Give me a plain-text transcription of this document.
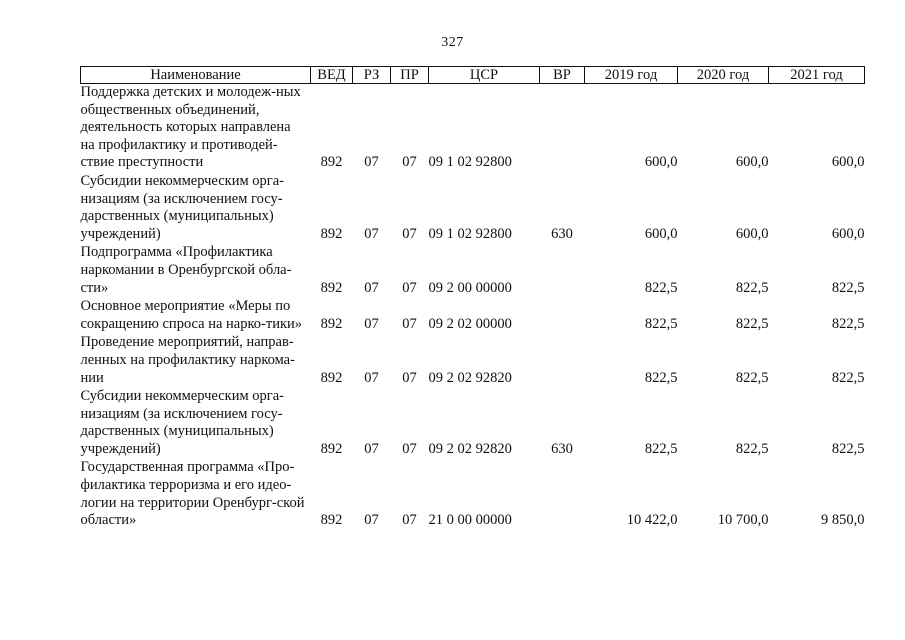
327
Наименование	ВЕД	РЗ	ПР	ЦСР	ВР	2019 год	2020 год	2021 год
Поддержка детских и молодеж-ных общественных объединений, деятельность которых направлена на профилактику и противодей-ствие преступности	892	07	07	09 1 02 92800		600,0	600,0	600,0
Субсидии некоммерческим орга-низациям (за исключением госу-дарственных (муниципальных) учреждений)	892	07	07	09 1 02 92800	630	600,0	600,0	600,0
Подпрограмма «Профилактика наркомании в Оренбургской обла-сти»	892	07	07	09 2 00 00000		822,5	822,5	822,5
Основное мероприятие «Меры по сокращению спроса на нарко-тики»	892	07	07	09 2 02 00000		822,5	822,5	822,5
Проведение мероприятий, направ-ленных на профилактику наркома-нии	892	07	07	09 2 02 92820		822,5	822,5	822,5
Субсидии некоммерческим орга-низациям (за исключением госу-дарственных (муниципальных) учреждений)	892	07	07	09 2 02 92820	630	822,5	822,5	822,5
Государственная программа «Про-филактика терроризма и его идео-логии на территории Оренбург-ской области»	892	07	07	21 0 00 00000		10 422,0	10 700,0	9 850,0
